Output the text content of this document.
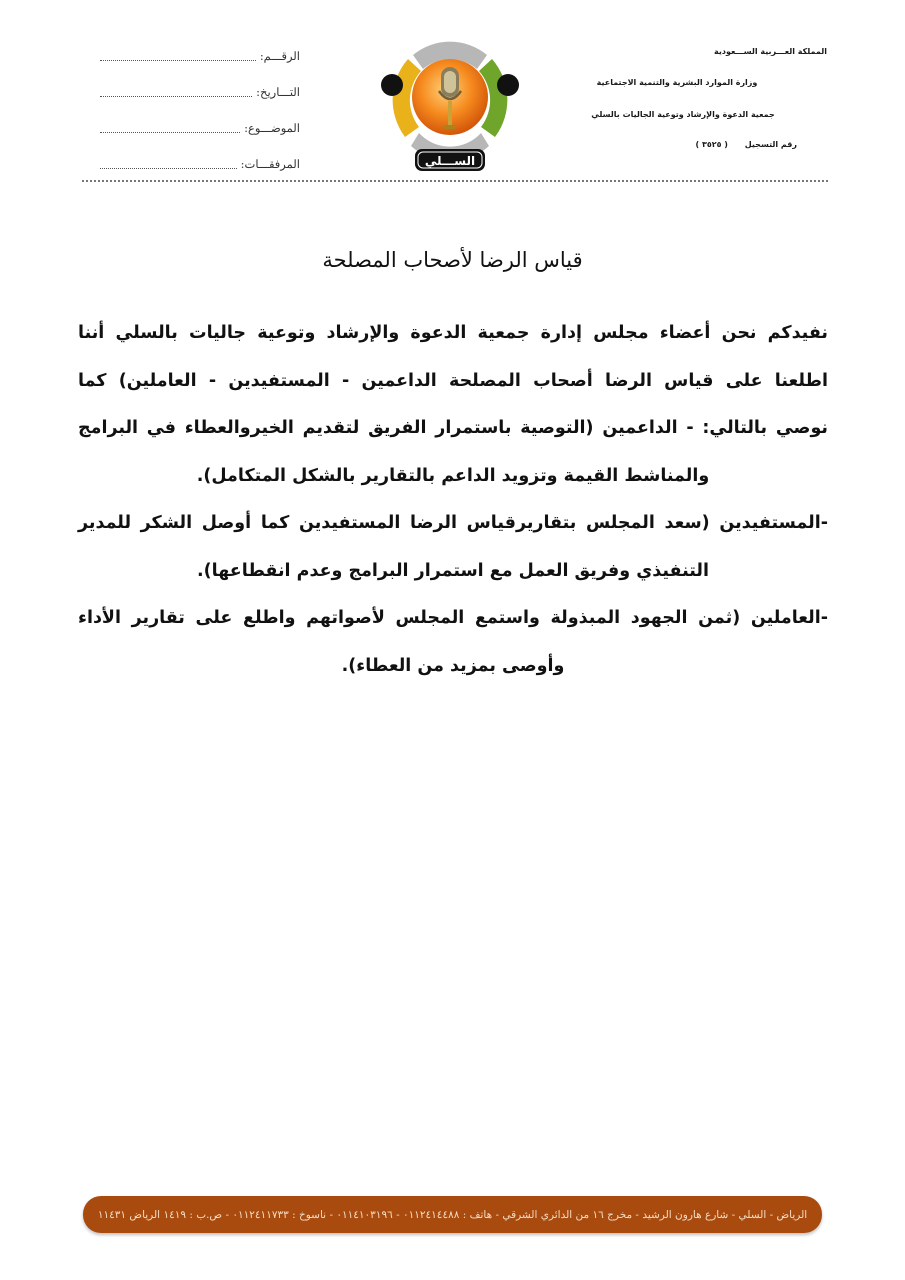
المملكة العـــربية الســـعودية
وزارة الموارد البشرية والتنمية الاجتماعية
جمعية الدعوة والإرشاد وتوعية الجاليات بالسلي
رقم التسجيل ( ٣٥٢٥ )
الســـلي
الرقـــم:
التـــاريخ:
الموضـــوع:
المرفقـــات:
قياس الرضا لأصحاب المصلحة
نفيدكم نحن أعضاء مجلس إدارة جمعية الدعوة والإرشاد وتوعية جاليات بالسلي أننا
اطلعنا على قياس الرضا أصحاب المصلحة الداعمين - المستفيدين - العاملين) كما
نوصي بالتالي: - الداعمين (التوصية باستمرار الفريق لتقديم الخيروالعطاء في البرامج
والمناشط القيمة وتزويد الداعم بالتقارير بالشكل المتكامل).
-المستفيدين (سعد المجلس بتقاريرقياس الرضا المستفيدين كما أوصل الشكر للمدير
التنفيذي وفريق العمل مع استمرار البرامج وعدم انقطاعها).
-العاملين (ثمن الجهود المبذولة واستمع المجلس لأصواتهم واطلع على تقارير الأداء
وأوصى بمزيد من العطاء).
الرياض - السلي - شارع هارون الرشيد - مخرج ١٦ من الدائري الشرقي - هاتف : ٠١١٢٤١٤٤٨٨ - ٠١١٤١٠٣١٩٦ - ناسوخ : ٠١١٢٤١١٧٣٣ - ص.ب : ١٤١٩ الرياض ١١٤٣١
